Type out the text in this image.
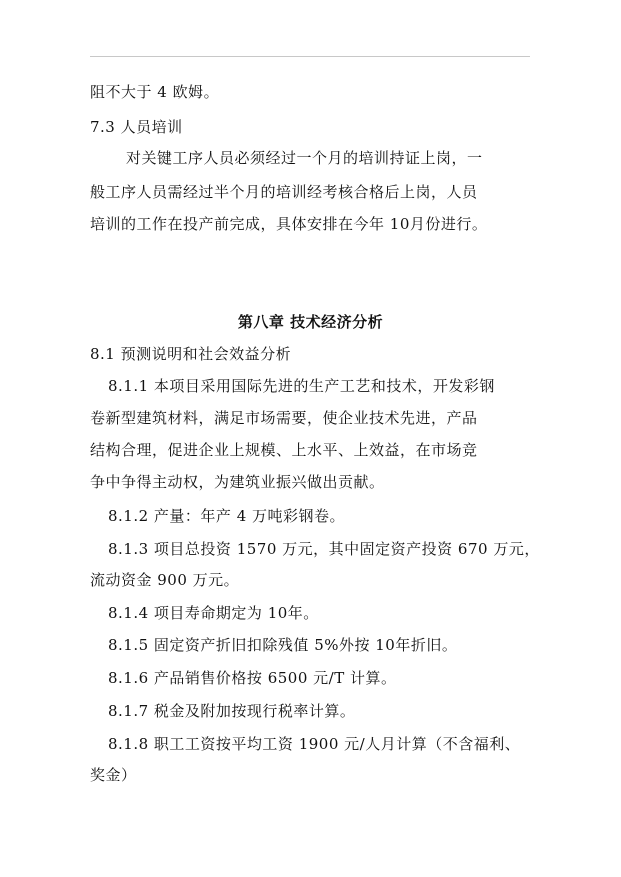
阻不大于 4 欧姆。
7.3 人员培训
对关键工序人员必须经过一个月的培训持证上岗，一
般工序人员需经过半个月的培训经考核合格后上岗，人员
培训的工作在投产前完成，具体安排在今年 10月份进行。
第八章 技术经济分析
8.1 预测说明和社会效益分析
8.1.1 本项目采用国际先进的生产工艺和技术，开发彩钢
卷新型建筑材料，满足市场需要，使企业技术先进，产品
结构合理，促进企业上规模、上水平、上效益，在市场竞
争中争得主动权，为建筑业振兴做出贡献。
8.1.2 产量：年产 4 万吨彩钢卷。
8.1.3 项目总投资 1570 万元，其中固定资产投资 670 万元，
流动资金 900 万元。
8.1.4 项目寿命期定为 10年。
8.1.5 固定资产折旧扣除残值 5%外按 10年折旧。
8.1.6 产品销售价格按 6500 元/T 计算。
8.1.7 税金及附加按现行税率计算。
8.1.8 职工工资按平均工资 1900 元/人月计算（不含福利、
奖金）
